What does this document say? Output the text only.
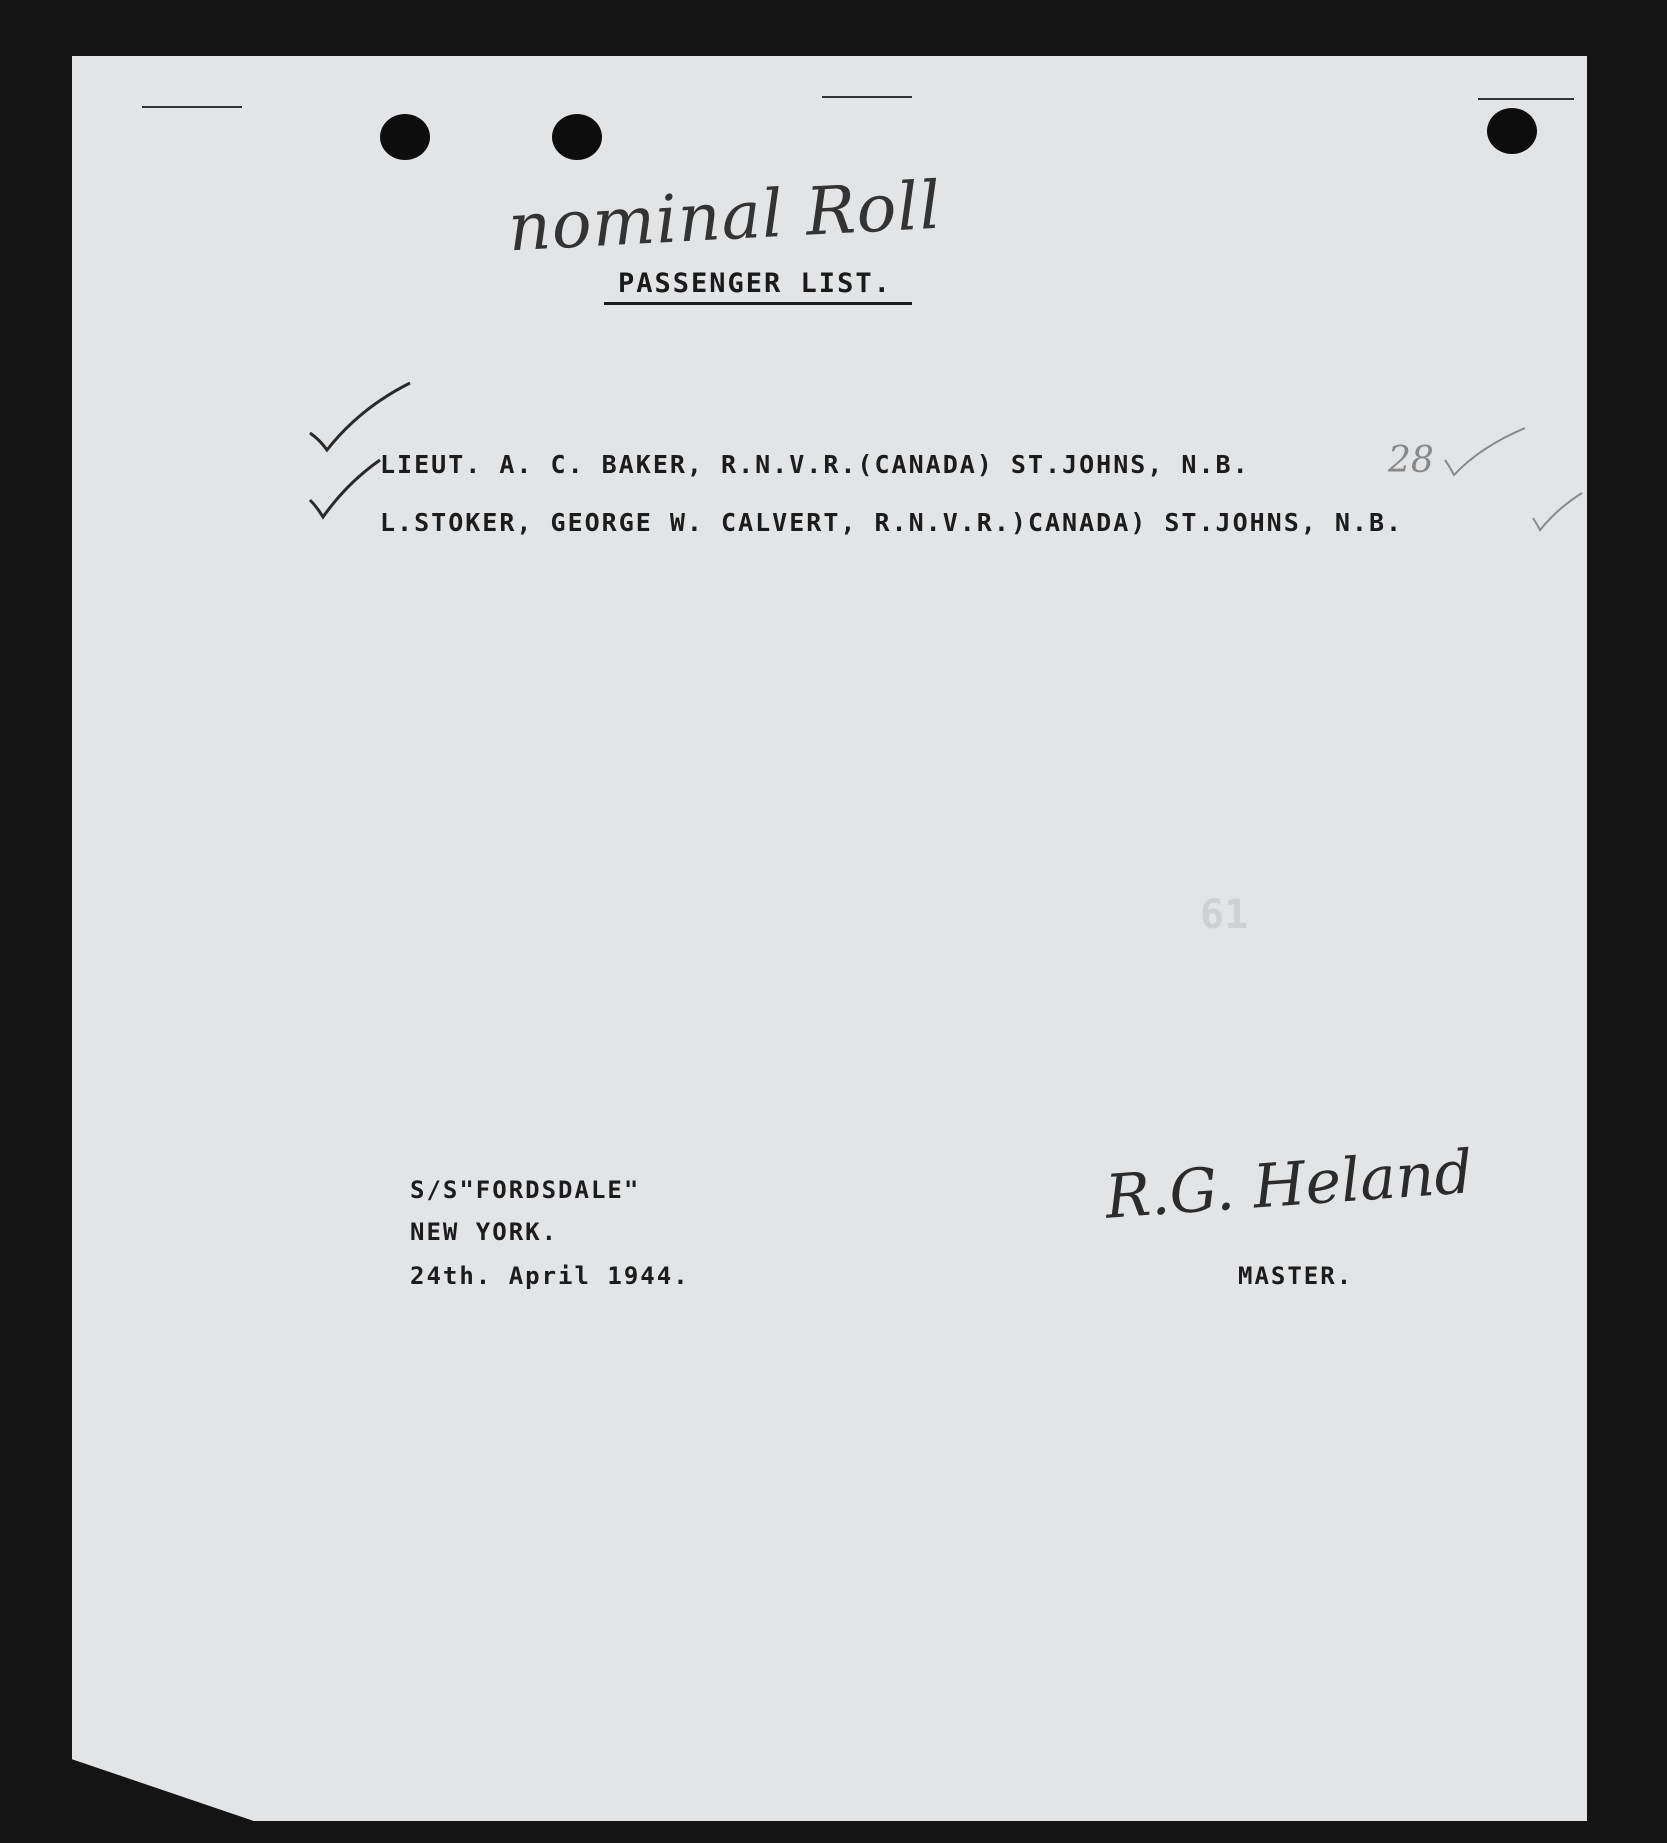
nominal Roll
PASSENGER LIST.
LIEUT. A. C. BAKER, R.N.V.R.(CANADA) ST.JOHNS, N.B.	28
L.STOKER, GEORGE W. CALVERT, R.N.V.R.)CANADA) ST.JOHNS, N.B.
61
S/S"FORDSDALE"
NEW YORK.
24th. April 1944.
R.G. Heland
MASTER.
